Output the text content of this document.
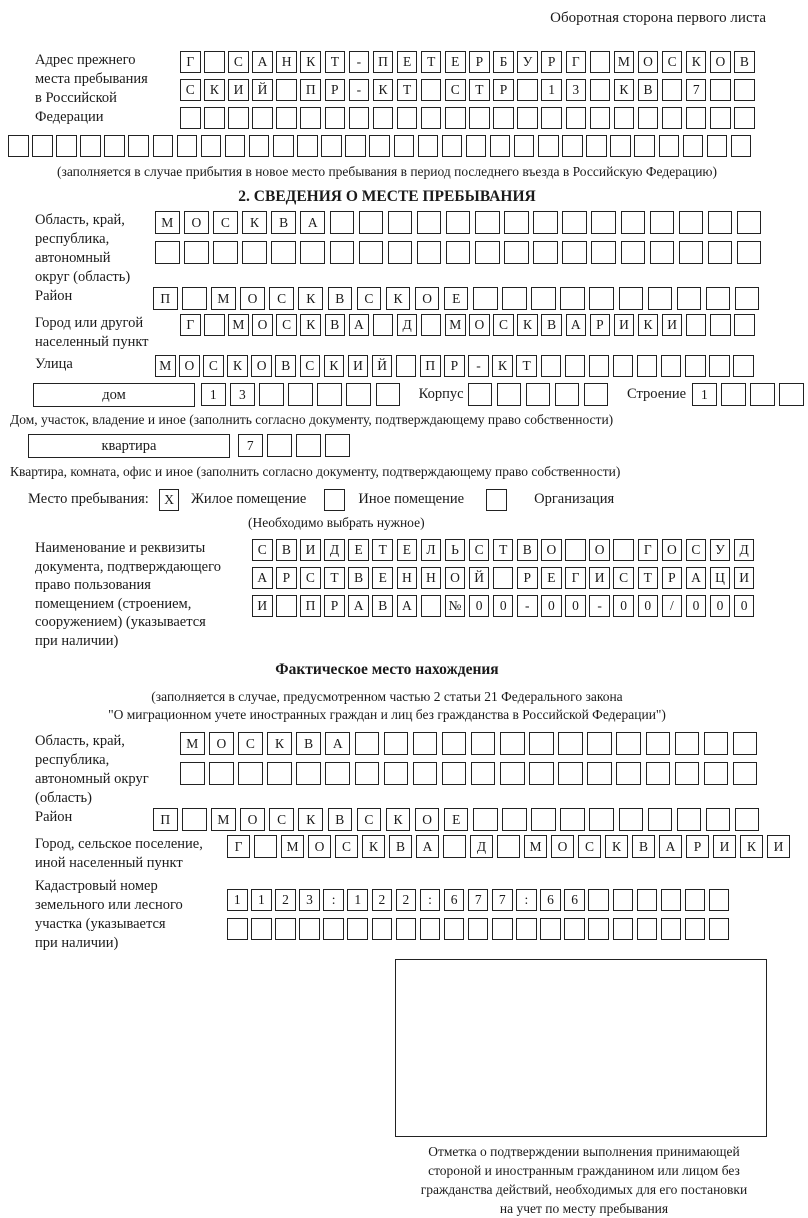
Оборотная сторона первого листа
Адрес прежнего
места пребывания
в Российской
Федерации
Г	С	А	Н	К	Т	-	П	Е	Т	Е	Р	Б	У	Р	Г	М О	С	К	О	В
С	К	И	Й	П	Р	-	К	Т	С	Т	Р	1	3	К	В	7
(заполняется в случае прибытия в новое место пребывания в период последнего въезда в Российскую Федерацию)
2. СВЕДЕНИЯ О МЕСТЕ ПРЕБЫВАНИЯ
Область, край,
республика,
автономный
округ (область)
М	О	С	К	В	А
Район	П	М	О	С	К	В	С	К	О	Е
Город или другой
населенный пункт
Г	М О	С	К	В	А	Д	М О	С	К	В	А	Р	И	К	И
Улица	М О	С	К	О	В	С	К	И	Й	П	Р	-	К	Т
дом	1	3	Корпус	Строение	1
Дом, участок, владение и иное (заполнить согласно документу, подтверждающему право собственности)
квартира	7
Квартира, комната, офис и иное (заполнить согласно документу, подтверждающему право собственности)
Место пребывания:	X	Жилое помещение	Иное помещение	Организация
(Необходимо выбрать нужное)
Наименование и реквизиты
документа, подтверждающего
право пользования
помещением (строением,
сооружением) (указывается
при наличии)
С	В	И	Д	Е	Т	Е	Л	Ь	С	Т	В	О	О	Г	О	С	У	Д
А	Р	С	Т	В	Е	Н	Н	О	Й	Р	Е	Г	И	С	Т	Р	А	Ц	И
И	П	Р	А	В	А	№	0	0	-	0	0	-	0	0	/	0	0	0
Фактическое место нахождения
(заполняется в случае, предусмотренном частью 2 статьи 21 Федерального закона
"О миграционном учете иностранных граждан и лиц без гражданства в Российской Федерации")
Область, край,
республика,
автономный округ
(область)
М	О	С	К	В	А
Район	П	М	О	С	К	В	С	К	О	Е
Город, сельское поселение,
иной населенный пункт
Г	М	О	С	К	В	А	Д	М	О	С	К	В	А	Р	И	К	И
Кадастровый номер
земельного или лесного
участка (указывается
при наличии)
1	1	2	3	:	1	2	2	:	6	7	7	:	6	6
Отметка о подтверждении выполнения принимающей
стороной и иностранным гражданином или лицом без
гражданства действий, необходимых для его постановки
на учет по месту пребывания
